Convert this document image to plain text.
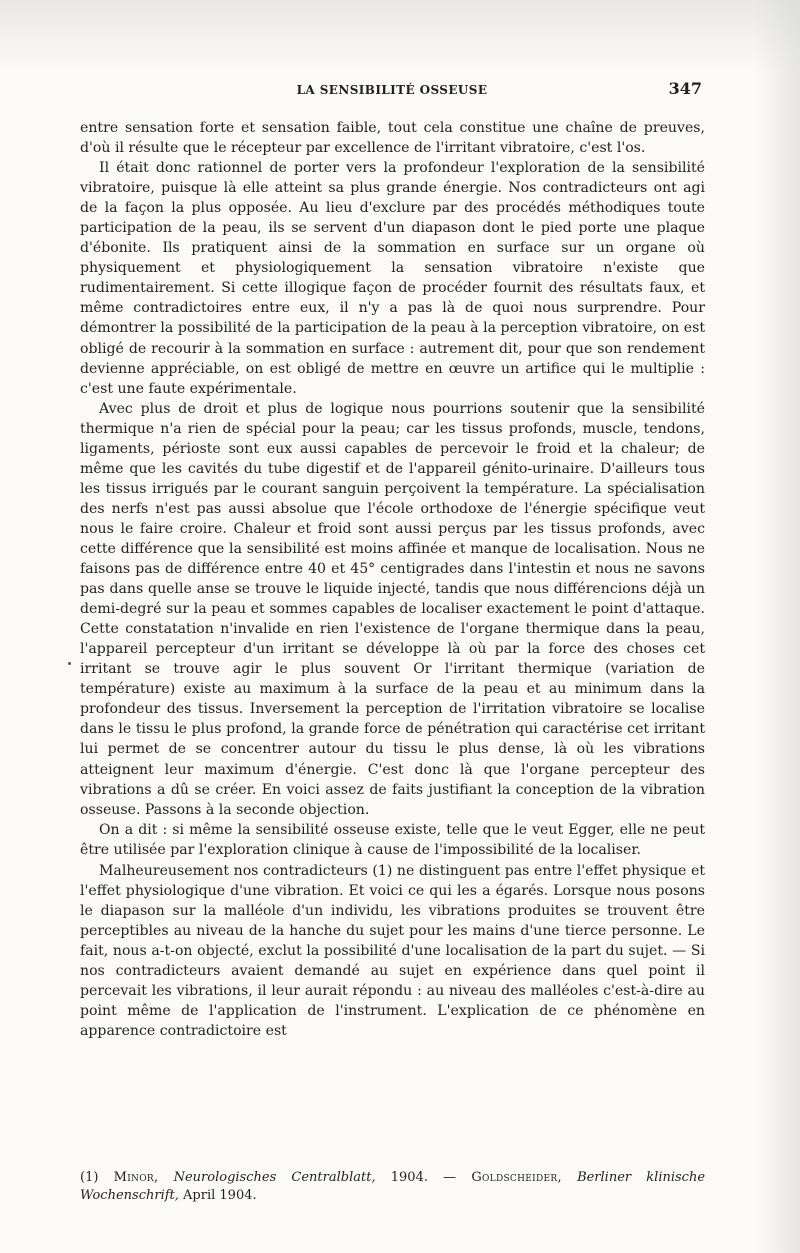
LA SENSIBILITÉ OSSEUSE	347

entre sensation forte et sensation faible, tout cela constitue une chaîne de preuves, d'où il résulte que le récepteur par excellence de l'irritant vibratoire, c'est l'os.

Il était donc rationnel de porter vers la profondeur l'exploration de la sensibilité vibratoire, puisque là elle atteint sa plus grande énergie. Nos contradicteurs ont agi de la façon la plus opposée. Au lieu d'exclure par des procédés méthodiques toute participation de la peau, ils se servent d'un diapason dont le pied porte une plaque d'ébonite. Ils pratiquent ainsi de la sommation en surface sur un organe où physiquement et physiologiquement la sensation vibratoire n'existe que rudimentairement. Si cette illogique façon de procéder fournit des résultats faux, et même contradictoires entre eux, il n'y a pas là de quoi nous surprendre. Pour démontrer la possibilité de la participation de la peau à la perception vibratoire, on est obligé de recourir à la sommation en surface : autrement dit, pour que son rendement devienne appréciable, on est obligé de mettre en œuvre un artifice qui le multiplie : c'est une faute expérimentale.

Avec plus de droit et plus de logique nous pourrions soutenir que la sensibilité thermique n'a rien de spécial pour la peau; car les tissus profonds, muscle, tendons, ligaments, périoste sont eux aussi capables de percevoir le froid et la chaleur; de même que les cavités du tube digestif et de l'appareil génito-urinaire. D'ailleurs tous les tissus irrigués par le courant sanguin perçoivent la température. La spécialisation des nerfs n'est pas aussi absolue que l'école orthodoxe de l'énergie spécifique veut nous le faire croire. Chaleur et froid sont aussi perçus par les tissus profonds, avec cette différence que la sensibilité est moins affinée et manque de localisation. Nous ne faisons pas de différence entre 40 et 45° centigrades dans l'intestin et nous ne savons pas dans quelle anse se trouve le liquide injecté, tandis que nous différencions déjà un demi-degré sur la peau et sommes capables de localiser exactement le point d'attaque. Cette constatation n'invalide en rien l'existence de l'organe thermique dans la peau, l'appareil percepteur d'un irritant se développe là où par la force des choses cet irritant se trouve agir le plus souvent Or l'irritant thermique (variation de température) existe au maximum à la surface de la peau et au minimum dans la profondeur des tissus. Inversement la perception de l'irritation vibratoire se localise dans le tissu le plus profond, la grande force de pénétration qui caractérise cet irritant lui permet de se concentrer autour du tissu le plus dense, là où les vibrations atteignent leur maximum d'énergie. C'est donc là que l'organe percepteur des vibrations a dû se créer. En voici assez de faits justifiant la conception de la vibration osseuse. Passons à la seconde objection.

On a dit : si même la sensibilité osseuse existe, telle que le veut Egger, elle ne peut être utilisée par l'exploration clinique à cause de l'impossibilité de la localiser.

Malheureusement nos contradicteurs (1) ne distinguent pas entre l'effet physique et l'effet physiologique d'une vibration. Et voici ce qui les a égarés. Lorsque nous posons le diapason sur la malléole d'un individu, les vibrations produites se trouvent être perceptibles au niveau de la hanche du sujet pour les mains d'une tierce personne. Le fait, nous a-t-on objecté, exclut la possibilité d'une localisation de la part du sujet. — Si nos contradicteurs avaient demandé au sujet en expérience dans quel point il percevait les vibrations, il leur aurait répondu : au niveau des malléoles c'est-à-dire au point même de l'application de l'instrument. L'explication de ce phénomène en apparence contradictoire est

(1) Minor, Neurologisches Centralblatt, 1904. — Goldscheider, Berliner klinische Wochenschrift, April 1904.
